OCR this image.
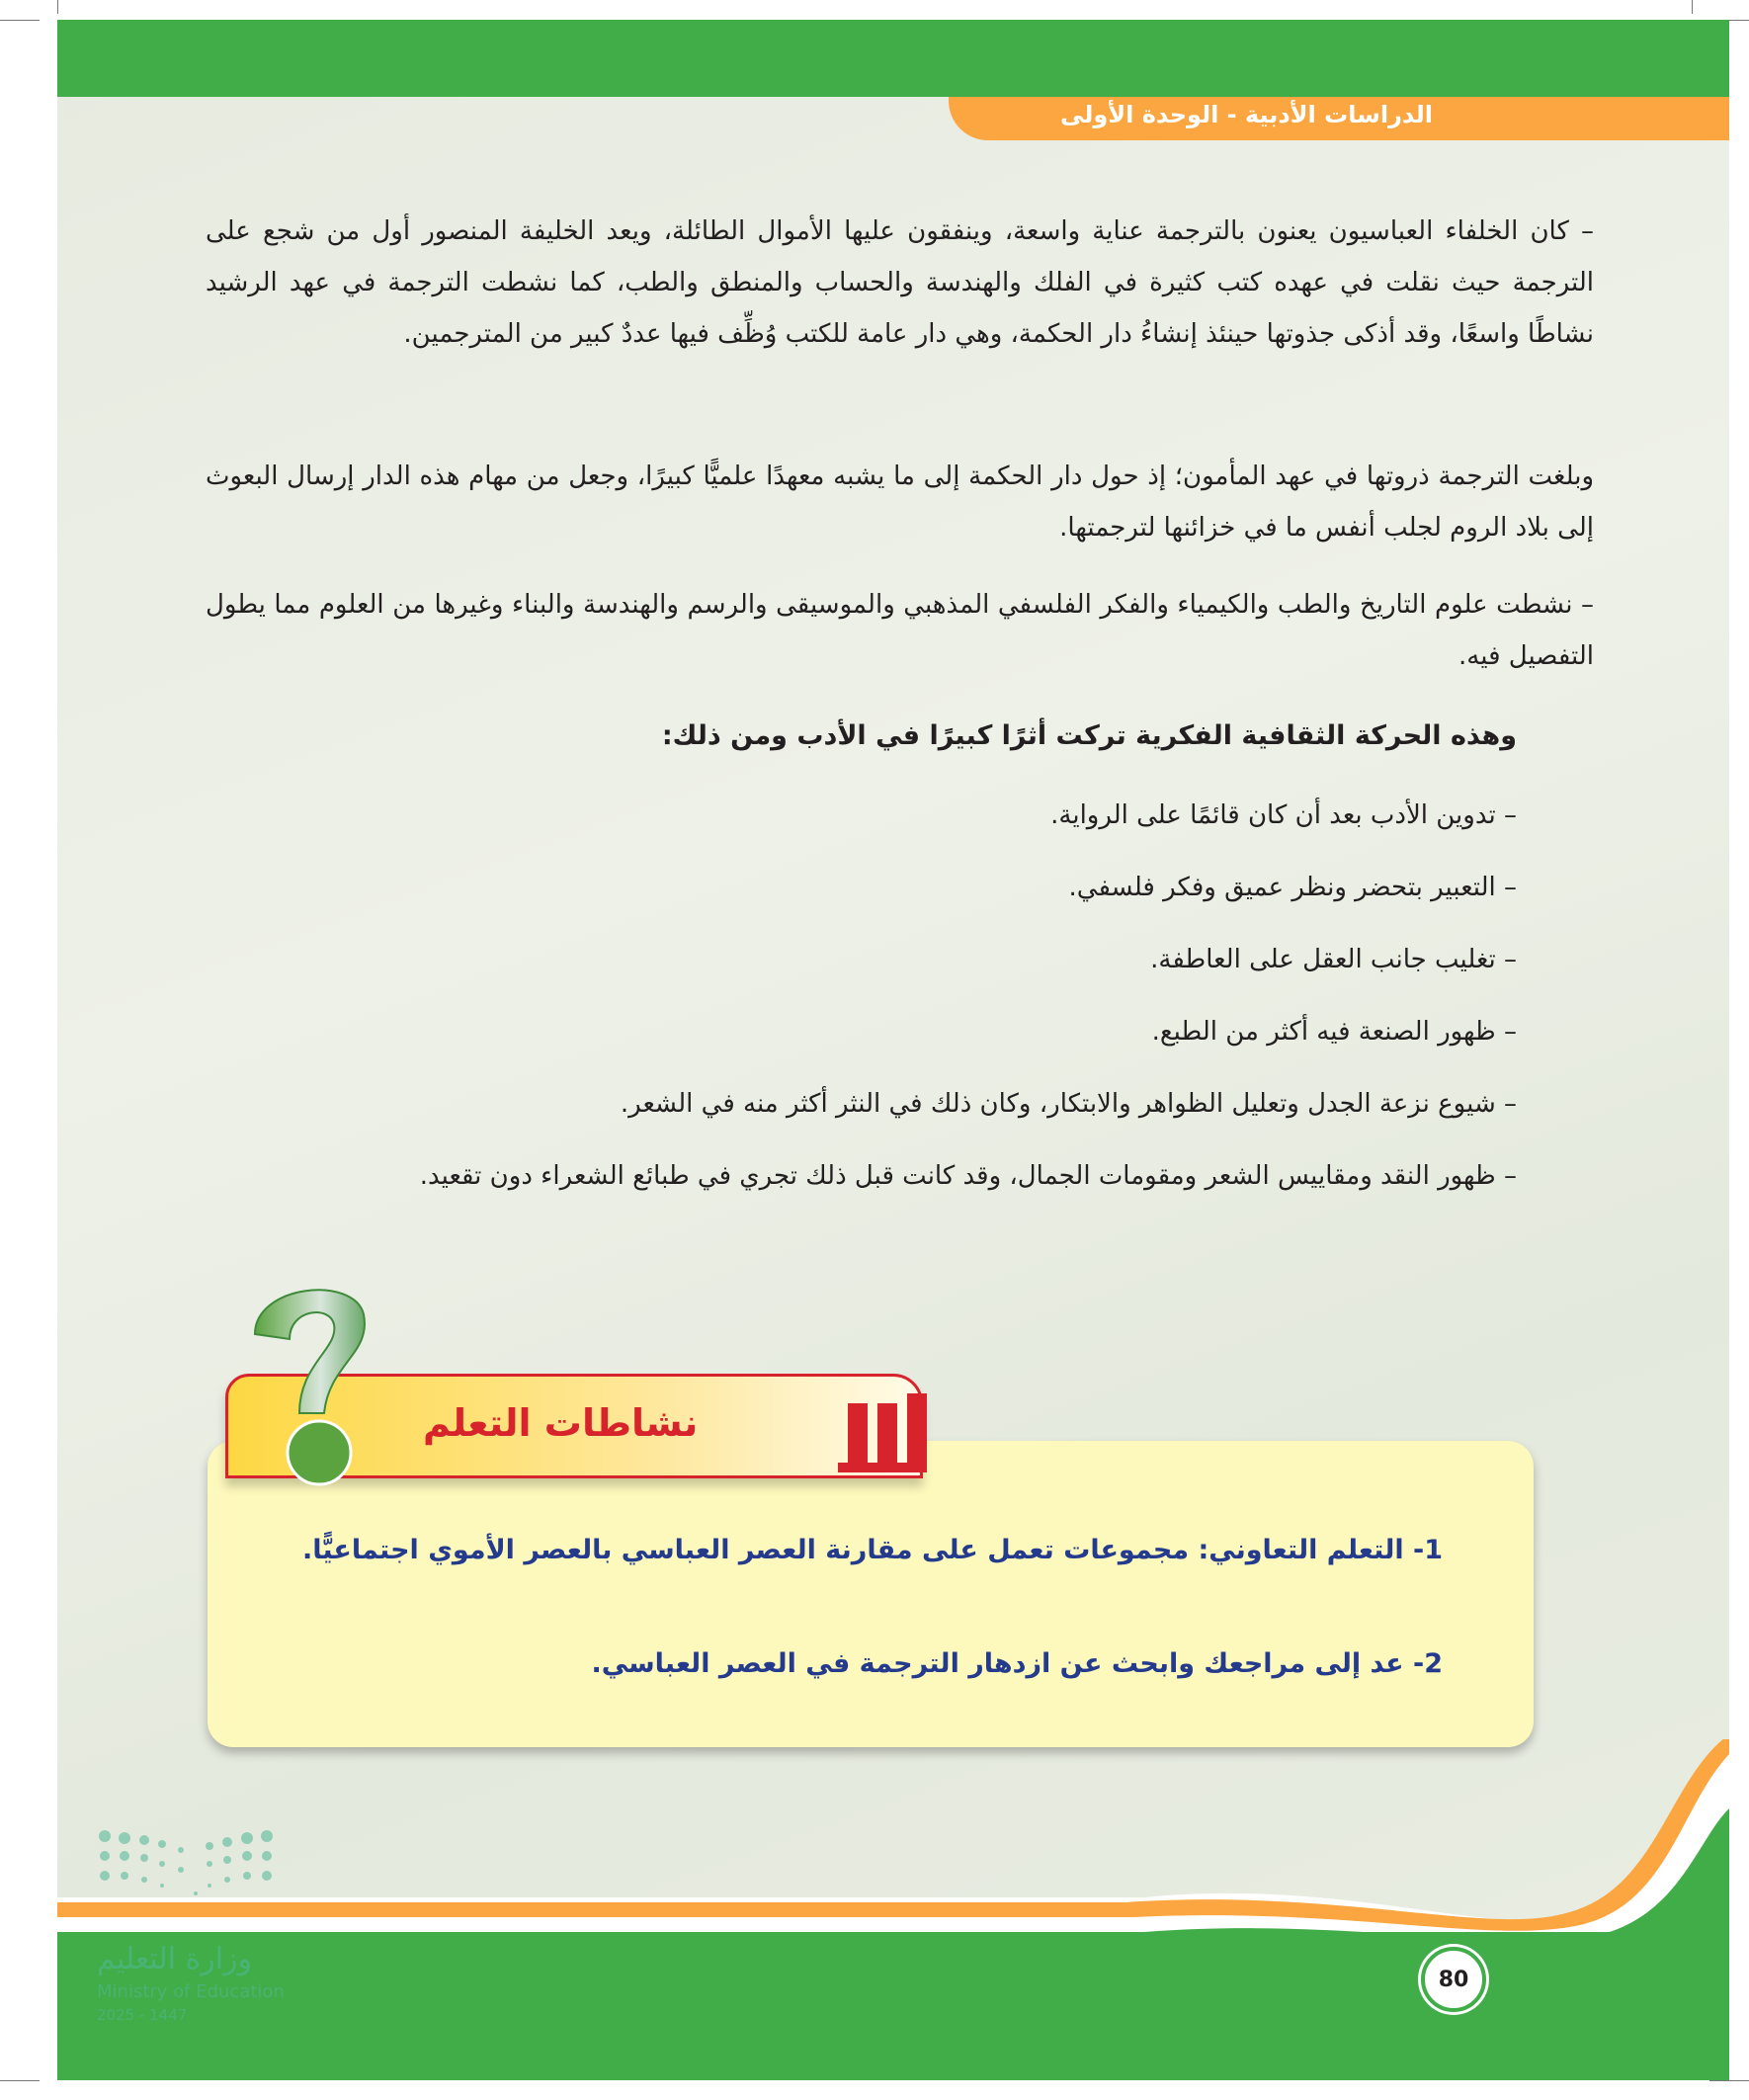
الدراسات الأدبية - الوحدة الأولى
– كان الخلفاء العباسيون يعنون بالترجمة عناية واسعة، وينفقون عليها الأموال الطائلة، ويعد الخليفة المنصور أول من شجع على الترجمة حيث نقلت في عهده كتب كثيرة في الفلك والهندسة والحساب والمنطق والطب، كما نشطت الترجمة في عهد الرشيد نشاطًا واسعًا، وقد أذكى جذوتها حينئذ إنشاءُ دار الحكمة، وهي دار عامة للكتب وُظِّف فيها عددٌ كبير من المترجمين.
وبلغت الترجمة ذروتها في عهد المأمون؛ إذ حول دار الحكمة إلى ما يشبه معهدًا علميًّا كبيرًا، وجعل من مهام هذه الدار إرسال البعوث إلى بلاد الروم لجلب أنفس ما في خزائنها لترجمتها.
– نشطت علوم التاريخ والطب والكيمياء والفكر الفلسفي المذهبي والموسيقى والرسم والهندسة والبناء وغيرها من العلوم مما يطول التفصيل فيه.
وهذه الحركة الثقافية الفكرية تركت أثرًا كبيرًا في الأدب ومن ذلك:
– تدوين الأدب بعد أن كان قائمًا على الرواية.
– التعبير بتحضر ونظر عميق وفكر فلسفي.
– تغليب جانب العقل على العاطفة.
– ظهور الصنعة فيه أكثر من الطبع.
– شيوع نزعة الجدل وتعليل الظواهر والابتكار، وكان ذلك في النثر أكثر منه في الشعر.
– ظهور النقد ومقاييس الشعر ومقومات الجمال، وقد كانت قبل ذلك تجري في طبائع الشعراء دون تقعيد.
نشاطات التعلم
1- التعلم التعاوني: مجموعات تعمل على مقارنة العصر العباسي بالعصر الأموي اجتماعيًّا.
2- عد إلى مراجعك وابحث عن ازدهار الترجمة في العصر العباسي.
وزارة التعليم
Ministry of Education
2025 - 1447
80
